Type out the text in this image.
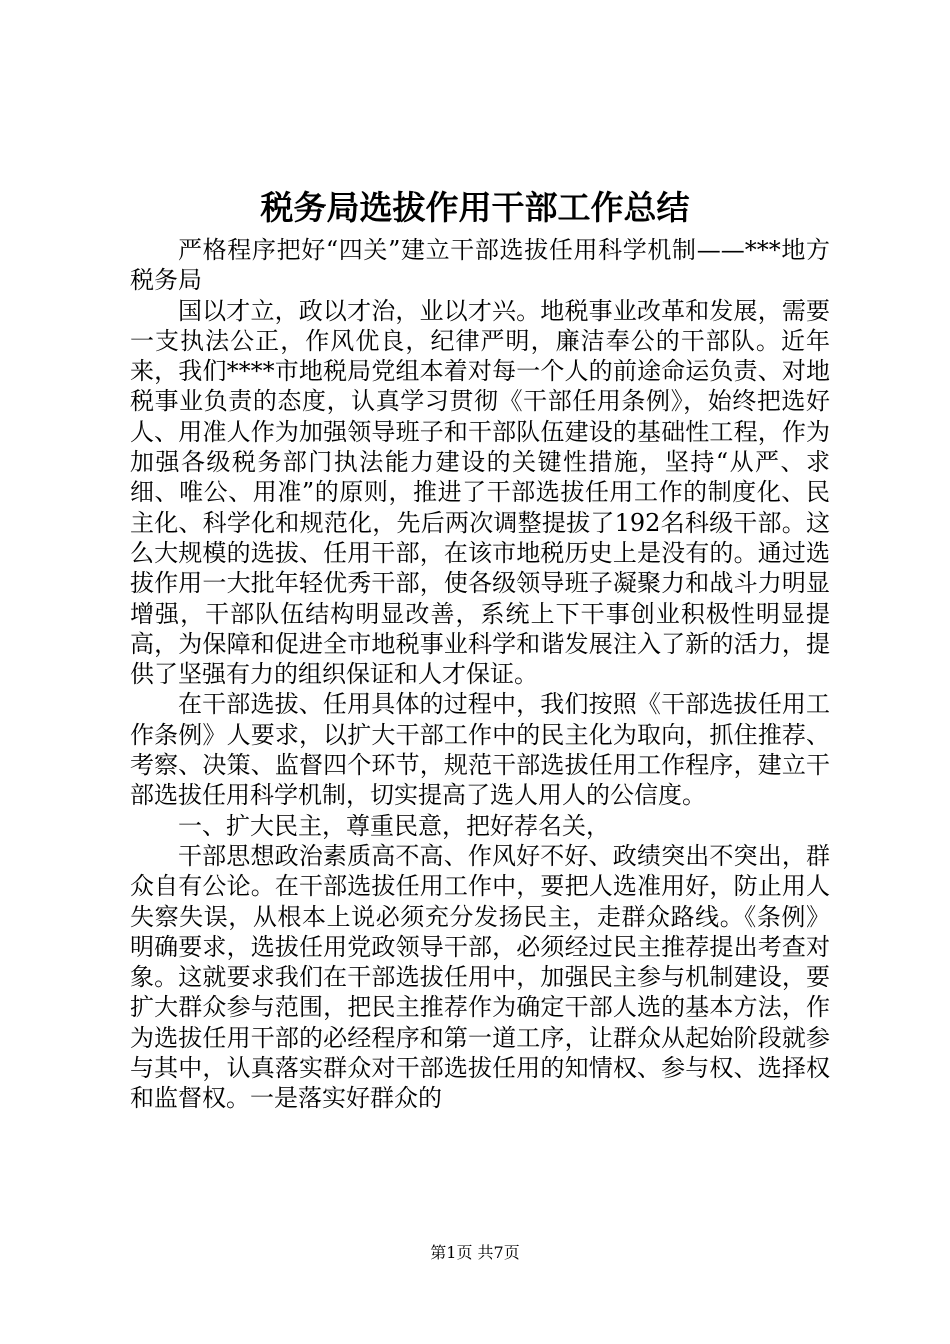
税务局选拔作用干部工作总结

严格程序把好“四关”建立干部选拔任用科学机制——***地方税务局

国以才立，政以才治，业以才兴。地税事业改革和发展，需要一支执法公正，作风优良，纪律严明，廉洁奉公的干部队。近年来，我们****市地税局党组本着对每一个人的前途命运负责、对地税事业负责的态度，认真学习贯彻《干部任用条例》，始终把选好人、用准人作为加强领导班子和干部队伍建设的基础性工程，作为加强各级税务部门执法能力建设的关键性措施，坚持“从严、求细、唯公、用准”的原则，推进了干部选拔任用工作的制度化、民主化、科学化和规范化，先后两次调整提拔了192名科级干部。这么大规模的选拔、任用干部，在该市地税历史上是没有的。通过选拔作用一大批年轻优秀干部，使各级领导班子凝聚力和战斗力明显增强，干部队伍结构明显改善，系统上下干事创业积极性明显提高，为保障和促进全市地税事业科学和谐发展注入了新的活力，提供了坚强有力的组织保证和人才保证。

在干部选拔、任用具体的过程中，我们按照《干部选拔任用工作条例》人要求，以扩大干部工作中的民主化为取向，抓住推荐、考察、决策、监督四个环节，规范干部选拔任用工作程序，建立干部选拔任用科学机制，切实提高了选人用人的公信度。

一、扩大民主，尊重民意，把好荐名关，

干部思想政治素质高不高、作风好不好、政绩突出不突出，群众自有公论。在干部选拔任用工作中，要把人选准用好，防止用人失察失误，从根本上说必须充分发扬民主，走群众路线。《条例》明确要求，选拔任用党政领导干部，必须经过民主推荐提出考查对象。这就要求我们在干部选拔任用中，加强民主参与机制建设，要扩大群众参与范围，把民主推荐作为确定干部人选的基本方法，作为选拔任用干部的必经程序和第一道工序，让群众从起始阶段就参与其中，认真落实群众对干部选拔任用的知情权、参与权、选择权和监督权。一是落实好群众的

第1页 共7页
